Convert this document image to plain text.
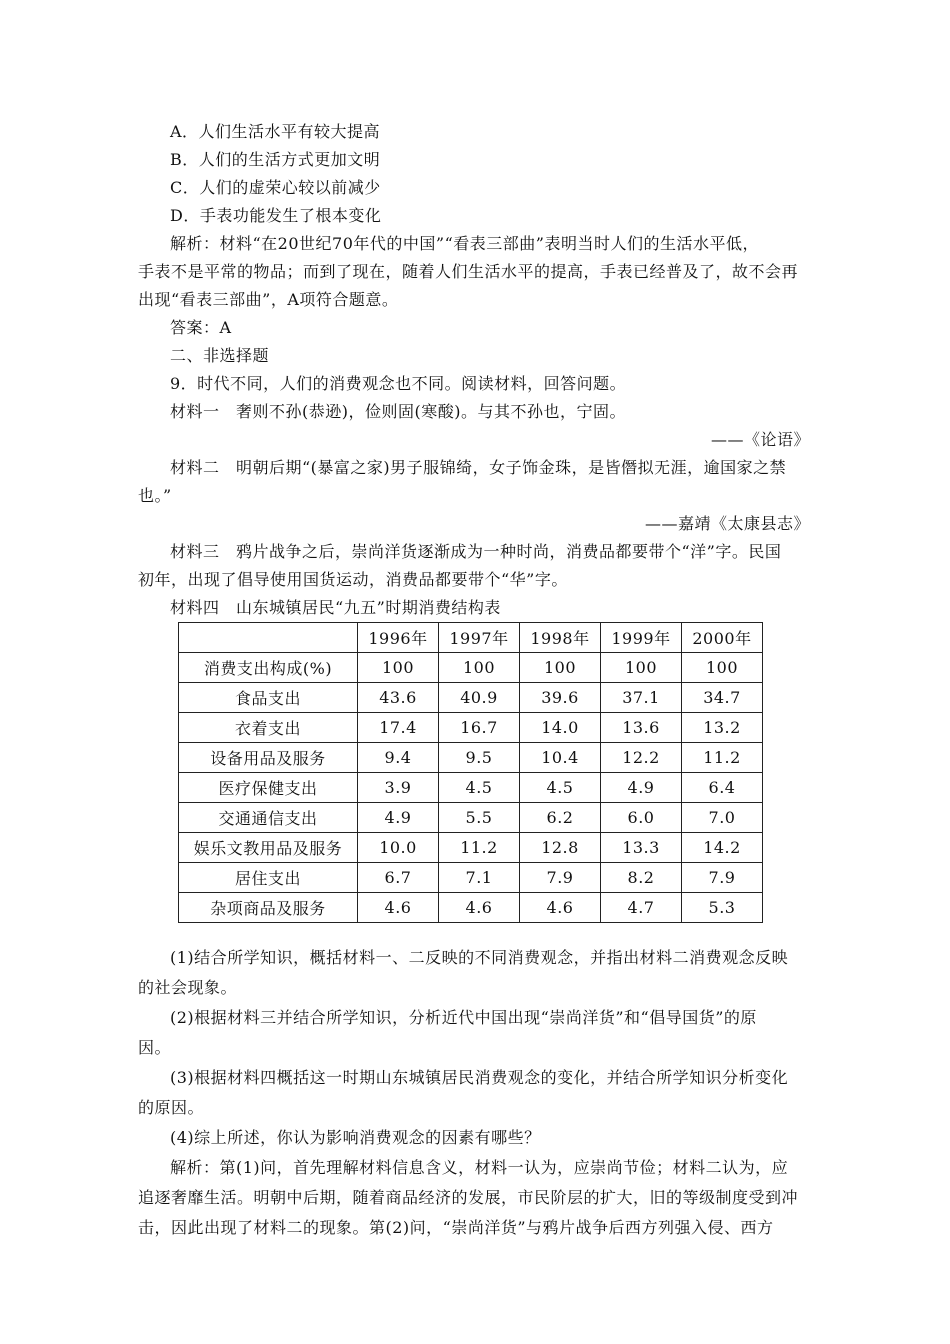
A．人们生活水平有较大提高
B．人们的生活方式更加文明
C．人们的虚荣心较以前减少
D．手表功能发生了根本变化
解析：材料“在20世纪70年代的中国”“看表三部曲”表明当时人们的生活水平低，
手表不是平常的物品；而到了现在，随着人们生活水平的提高，手表已经普及了，故不会再
出现“看表三部曲”，A项符合题意。
答案：A
二、非选择题
9．时代不同，人们的消费观念也不同。阅读材料，回答问题。
材料一　奢则不孙(恭逊)，俭则固(寒酸)。与其不孙也，宁固。
——《论语》
材料二　明朝后期“(暴富之家)男子服锦绮，女子饰金珠，是皆僭拟无涯，逾国家之禁
也。”
——嘉靖《太康县志》
材料三　鸦片战争之后，崇尚洋货逐渐成为一种时尚，消费品都要带个“洋”字。民国
初年，出现了倡导使用国货运动，消费品都要带个“华”字。
材料四　山东城镇居民“九五”时期消费结构表
	1996年	1997年	1998年	1999年	2000年
消费支出构成(%)	100	100	100	100	100
食品支出	43.6	40.9	39.6	37.1	34.7
衣着支出	17.4	16.7	14.0	13.6	13.2
设备用品及服务	9.4	9.5	10.4	12.2	11.2
医疗保健支出	3.9	4.5	4.5	4.9	6.4
交通通信支出	4.9	5.5	6.2	6.0	7.0
娱乐文教用品及服务	10.0	11.2	12.8	13.3	14.2
居住支出	6.7	7.1	7.9	8.2	7.9
杂项商品及服务	4.6	4.6	4.6	4.7	5.3
(1)结合所学知识，概括材料一、二反映的不同消费观念，并指出材料二消费观念反映
的社会现象。
(2)根据材料三并结合所学知识，分析近代中国出现“崇尚洋货”和“倡导国货”的原
因。
(3)根据材料四概括这一时期山东城镇居民消费观念的变化，并结合所学知识分析变化
的原因。
(4)综上所述，你认为影响消费观念的因素有哪些？
解析：第(1)问，首先理解材料信息含义，材料一认为，应崇尚节俭；材料二认为，应
追逐奢靡生活。明朝中后期，随着商品经济的发展，市民阶层的扩大，旧的等级制度受到冲
击，因此出现了材料二的现象。第(2)问，“崇尚洋货”与鸦片战争后西方列强入侵、西方
